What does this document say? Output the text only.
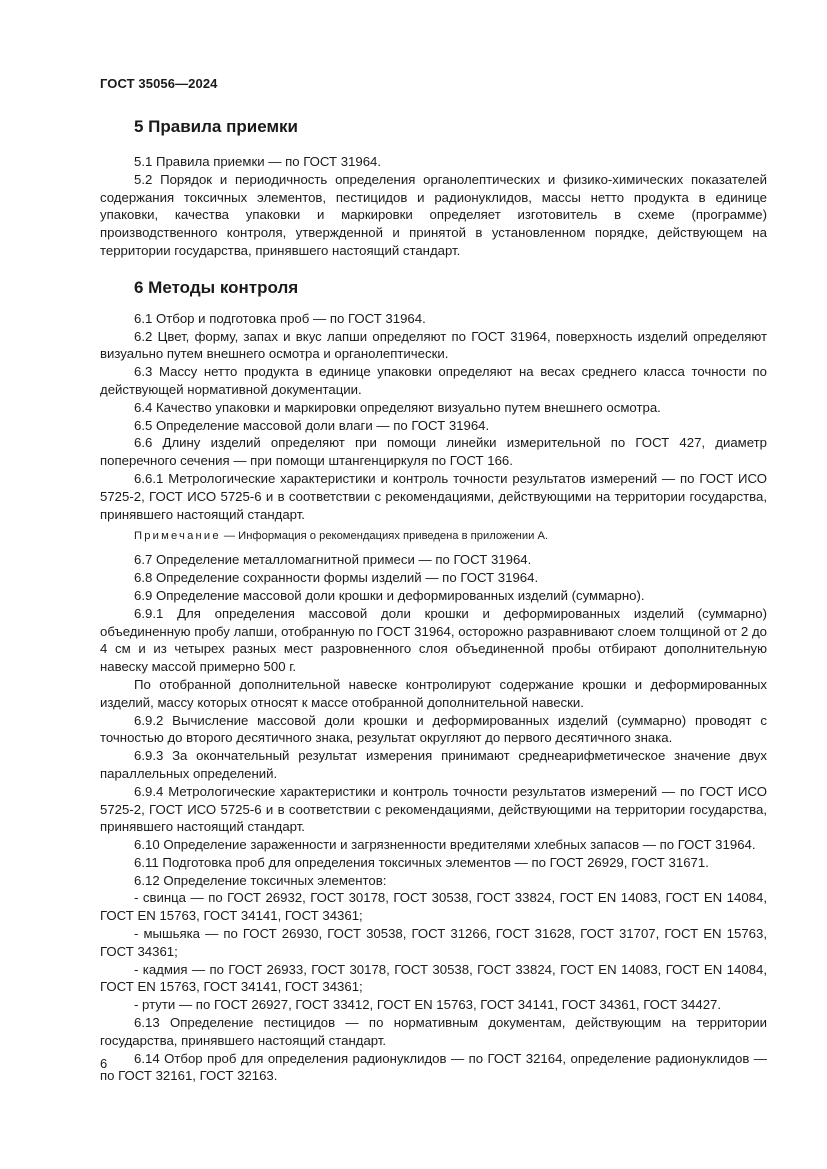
ГОСТ 35056—2024
5 Правила приемки

5.1 Правила приемки — по ГОСТ 31964.

5.2 Порядок и периодичность определения органолептических и физико-химических показателей содержания токсичных элементов, пестицидов и радионуклидов, массы нетто продукта в единице упаковки, качества упаковки и маркировки определяет изготовитель в схеме (программе) производственного контроля, утвержденной и принятой в установленном порядке, действующем на территории государства, принявшего настоящий стандарт.

6 Методы контроля

6.1 Отбор и подготовка проб — по ГОСТ 31964.

6.2 Цвет, форму, запах и вкус лапши определяют по ГОСТ 31964, поверхность изделий определяют визуально путем внешнего осмотра и органолептически.

6.3 Массу нетто продукта в единице упаковки определяют на весах среднего класса точности по действующей нормативной документации.

6.4 Качество упаковки и маркировки определяют визуально путем внешнего осмотра.

6.5 Определение массовой доли влаги — по ГОСТ 31964.

6.6 Длину изделий определяют при помощи линейки измерительной по ГОСТ 427, диаметр поперечного сечения — при помощи штангенциркуля по ГОСТ 166.

6.6.1 Метрологические характеристики и контроль точности результатов измерений — по ГОСТ ИСО 5725-2, ГОСТ ИСО 5725-6 и в соответствии с рекомендациями, действующими на территории государства, принявшего настоящий стандарт.

Примечание — Информация о рекомендациях приведена в приложении А.

6.7 Определение металломагнитной примеси — по ГОСТ 31964.

6.8 Определение сохранности формы изделий — по ГОСТ 31964.

6.9 Определение массовой доли крошки и деформированных изделий (суммарно).

6.9.1 Для определения массовой доли крошки и деформированных изделий (суммарно) объединенную пробу лапши, отобранную по ГОСТ 31964, осторожно разравнивают слоем толщиной от 2 до 4 см и из четырех разных мест разровненного слоя объединенной пробы отбирают дополнительную навеску массой примерно 500 г.

По отобранной дополнительной навеске контролируют содержание крошки и деформированных изделий, массу которых относят к массе отобранной дополнительной навески.

6.9.2 Вычисление массовой доли крошки и деформированных изделий (суммарно) проводят с точностью до второго десятичного знака, результат округляют до первого десятичного знака.

6.9.3 За окончательный результат измерения принимают среднеарифметическое значение двух параллельных определений.

6.9.4 Метрологические характеристики и контроль точности результатов измерений — по ГОСТ ИСО 5725-2, ГОСТ ИСО 5725-6 и в соответствии с рекомендациями, действующими на территории государства, принявшего настоящий стандарт.

6.10 Определение зараженности и загрязненности вредителями хлебных запасов — по ГОСТ 31964.

6.11 Подготовка проб для определения токсичных элементов — по ГОСТ 26929, ГОСТ 31671.

6.12 Определение токсичных элементов:

- свинца — по ГОСТ 26932, ГОСТ 30178, ГОСТ 30538, ГОСТ 33824, ГОСТ EN 14083, ГОСТ EN 14084, ГОСТ EN 15763, ГОСТ 34141, ГОСТ 34361;

- мышьяка — по ГОСТ 26930, ГОСТ 30538, ГОСТ 31266, ГОСТ 31628, ГОСТ 31707, ГОСТ EN 15763, ГОСТ 34361;

- кадмия — по ГОСТ 26933, ГОСТ 30178, ГОСТ 30538, ГОСТ 33824, ГОСТ EN 14083, ГОСТ EN 14084, ГОСТ EN 15763, ГОСТ 34141, ГОСТ 34361;

- ртути — по ГОСТ 26927, ГОСТ 33412, ГОСТ EN 15763, ГОСТ 34141, ГОСТ 34361, ГОСТ 34427.

6.13 Определение пестицидов — по нормативным документам, действующим на территории государства, принявшего настоящий стандарт.

6.14 Отбор проб для определения радионуклидов — по ГОСТ 32164, определение радионуклидов — по ГОСТ 32161, ГОСТ 32163.

6
